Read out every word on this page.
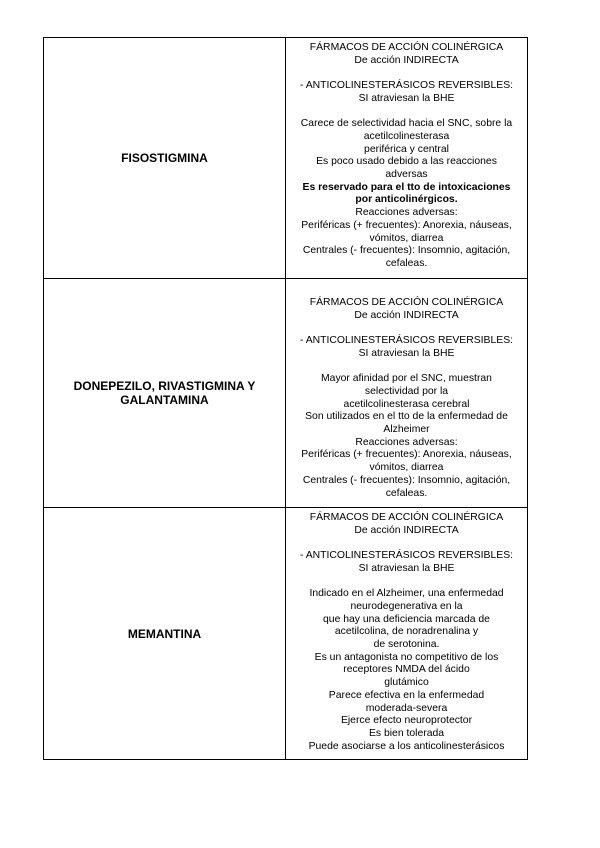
FISOSTIGMINA
FÁRMACOS DE ACCIÓN COLINÉRGICA
De acción INDIRECTA
- ANTICOLINESTERÁSICOS REVERSIBLES:
SI atraviesan la BHE
Carece de selectividad hacia el SNC, sobre la
acetilcolinesterasa
periférica y central
Es poco usado debido a las reacciones
adversas
Es reservado para el tto de intoxicaciones
por anticolinérgicos.
Reacciones adversas:
Periféricas (+ frecuentes): Anorexia, náuseas,
vómitos, diarrea
Centrales (- frecuentes): Insomnio, agitación,
cefaleas.
DONEPEZILO, RIVASTIGMINA Y GALANTAMINA
FÁRMACOS DE ACCIÓN COLINÉRGICA
De acción INDIRECTA
- ANTICOLINESTERÁSICOS REVERSIBLES:
SI atraviesan la BHE
Mayor afinidad por el SNC, muestran
selectividad por la
acetilcolinesterasa cerebral
Son utilizados en el tto de la enfermedad de
Alzheimer
Reacciones adversas:
Periféricas (+ frecuentes): Anorexia, náuseas,
vómitos, diarrea
Centrales (- frecuentes): Insomnio, agitación,
cefaleas.
MEMANTINA
FÁRMACOS DE ACCIÓN COLINÉRGICA
De acción INDIRECTA
- ANTICOLINESTERÁSICOS REVERSIBLES:
SI atraviesan la BHE
Indicado en el Alzheimer, una enfermedad
neurodegenerativa en la
que hay una deficiencia marcada de
acetilcolina, de noradrenalina y
de serotonina.
Es un antagonista no competitivo de los
receptores NMDA del ácido
glutámico
Parece efectiva en la enfermedad
moderada-severa
Ejerce efecto neuroprotector
Es bien tolerada
Puede asociarse a los anticolinesterásicos
